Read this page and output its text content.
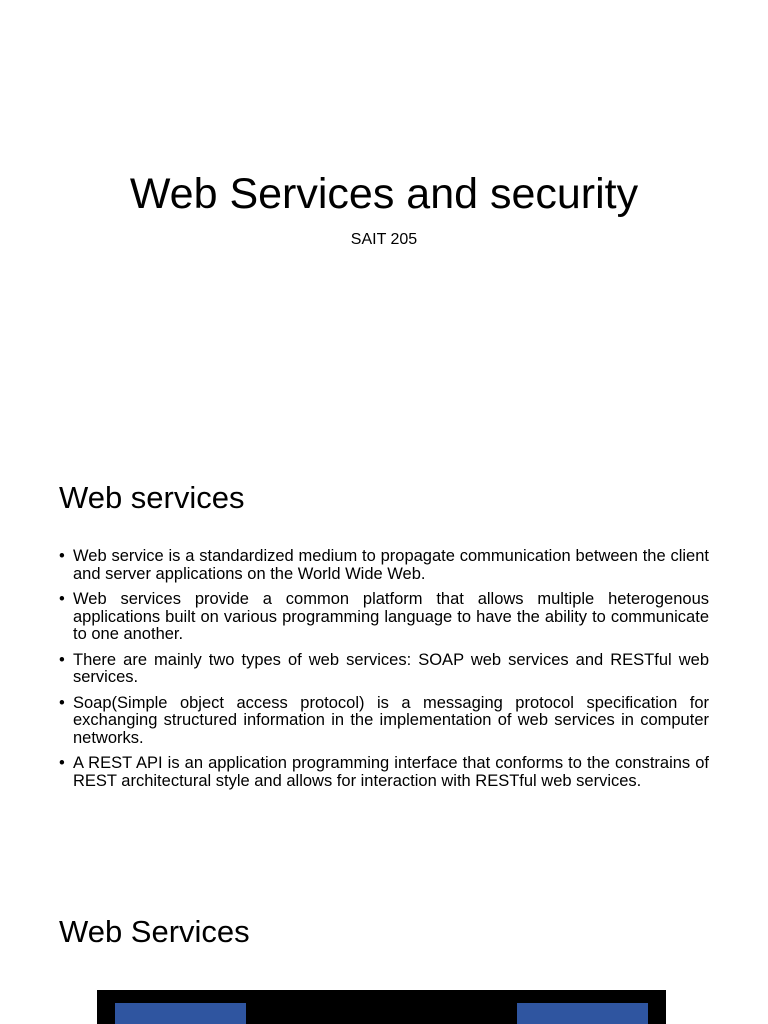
Web Services and security

SAIT 205

Web services
• Web service is a standardized medium to propagate communication between the client and server applications on the World Wide Web.
• Web services provide a common platform that allows multiple heterogenous applications built on various programming language to have the ability to communicate to one another.
• There are mainly two types of web services: SOAP web services and RESTful web services.
• Soap(Simple object access protocol) is a messaging protocol specification for exchanging structured information in the implementation of web services in computer networks.
• A REST API is an application programming interface that conforms to the constrains of REST architectural style and allows for interaction with RESTful web services.
Web Services
